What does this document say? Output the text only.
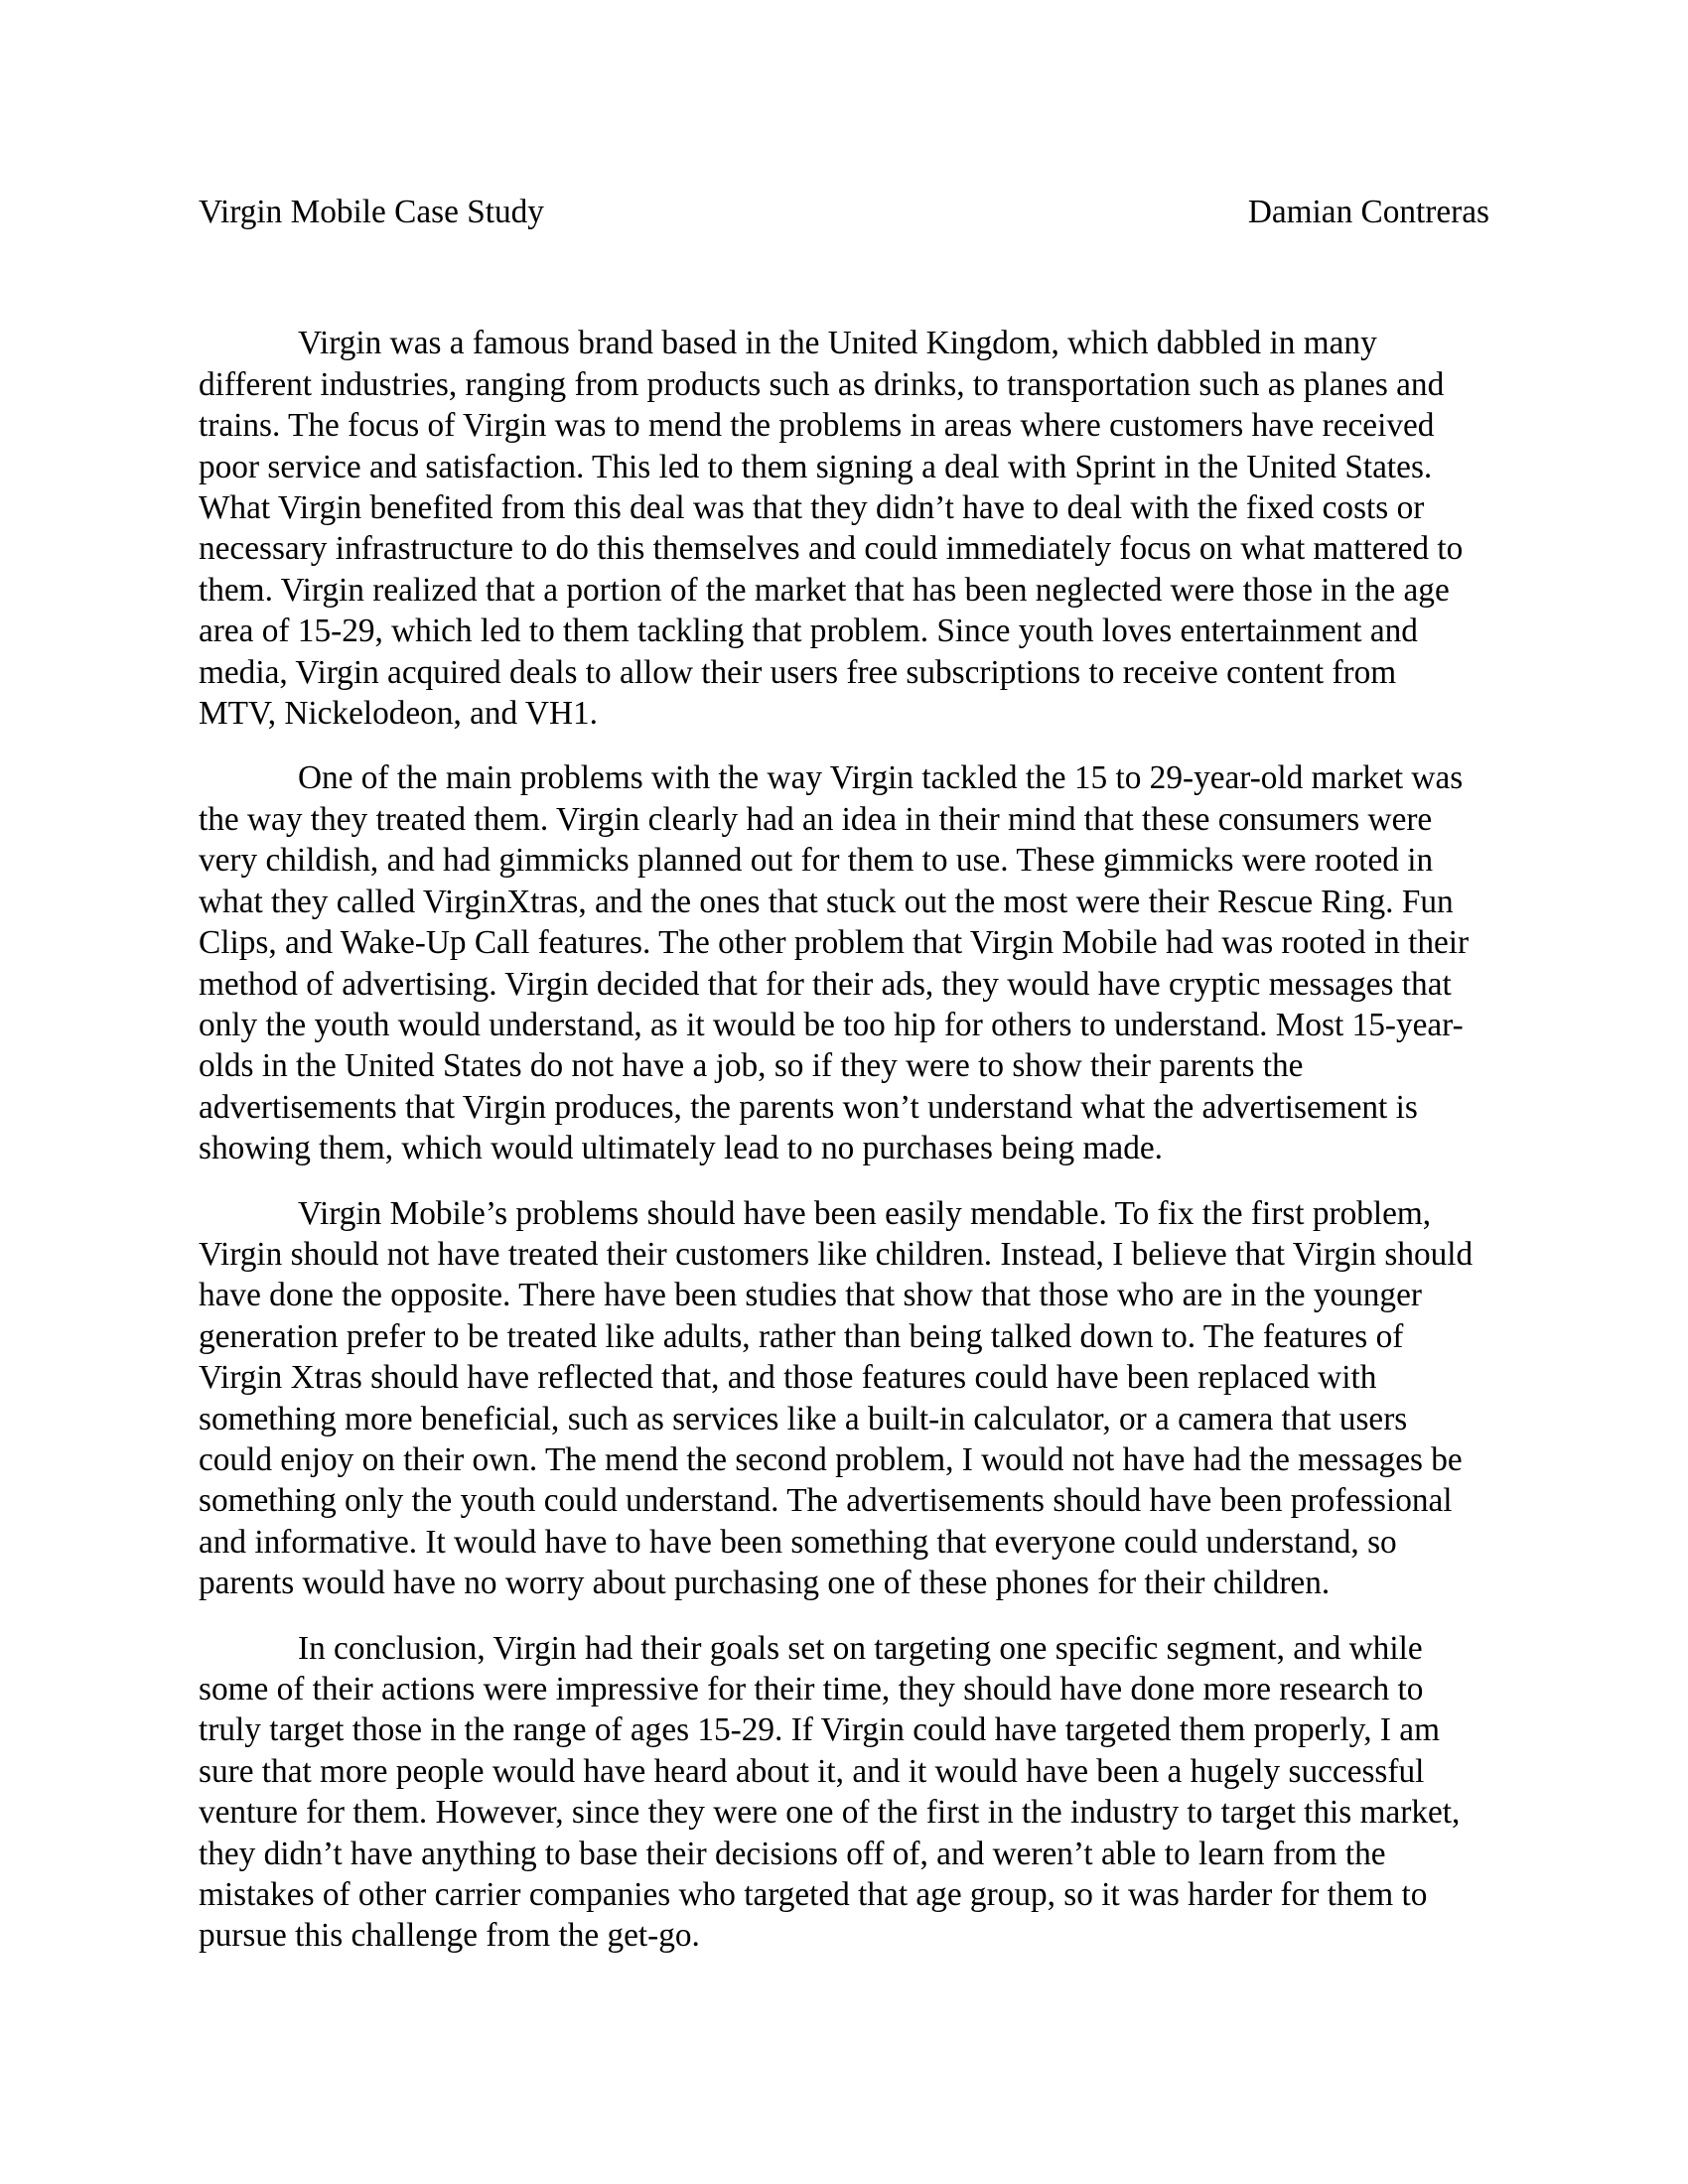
Virgin Mobile Case Study	Damian Contreras
Virgin was a famous brand based in the United Kingdom, which dabbled in many
different industries, ranging from products such as drinks, to transportation such as planes and
trains. The focus of Virgin was to mend the problems in areas where customers have received
poor service and satisfaction. This led to them signing a deal with Sprint in the United States.
What Virgin benefited from this deal was that they didn’t have to deal with the fixed costs or
necessary infrastructure to do this themselves and could immediately focus on what mattered to
them. Virgin realized that a portion of the market that has been neglected were those in the age
area of 15-29, which led to them tackling that problem. Since youth loves entertainment and
media, Virgin acquired deals to allow their users free subscriptions to receive content from
MTV, Nickelodeon, and VH1.
One of the main problems with the way Virgin tackled the 15 to 29-year-old market was
the way they treated them. Virgin clearly had an idea in their mind that these consumers were
very childish, and had gimmicks planned out for them to use. These gimmicks were rooted in
what they called VirginXtras, and the ones that stuck out the most were their Rescue Ring. Fun
Clips, and Wake-Up Call features. The other problem that Virgin Mobile had was rooted in their
method of advertising. Virgin decided that for their ads, they would have cryptic messages that
only the youth would understand, as it would be too hip for others to understand. Most 15-year-
olds in the United States do not have a job, so if they were to show their parents the
advertisements that Virgin produces, the parents won’t understand what the advertisement is
showing them, which would ultimately lead to no purchases being made.
Virgin Mobile’s problems should have been easily mendable. To fix the first problem,
Virgin should not have treated their customers like children. Instead, I believe that Virgin should
have done the opposite. There have been studies that show that those who are in the younger
generation prefer to be treated like adults, rather than being talked down to. The features of
Virgin Xtras should have reflected that, and those features could have been replaced with
something more beneficial, such as services like a built-in calculator, or a camera that users
could enjoy on their own. The mend the second problem, I would not have had the messages be
something only the youth could understand. The advertisements should have been professional
and informative. It would have to have been something that everyone could understand, so
parents would have no worry about purchasing one of these phones for their children.
In conclusion, Virgin had their goals set on targeting one specific segment, and while
some of their actions were impressive for their time, they should have done more research to
truly target those in the range of ages 15-29. If Virgin could have targeted them properly, I am
sure that more people would have heard about it, and it would have been a hugely successful
venture for them. However, since they were one of the first in the industry to target this market,
they didn’t have anything to base their decisions off of, and weren’t able to learn from the
mistakes of other carrier companies who targeted that age group, so it was harder for them to
pursue this challenge from the get-go.
